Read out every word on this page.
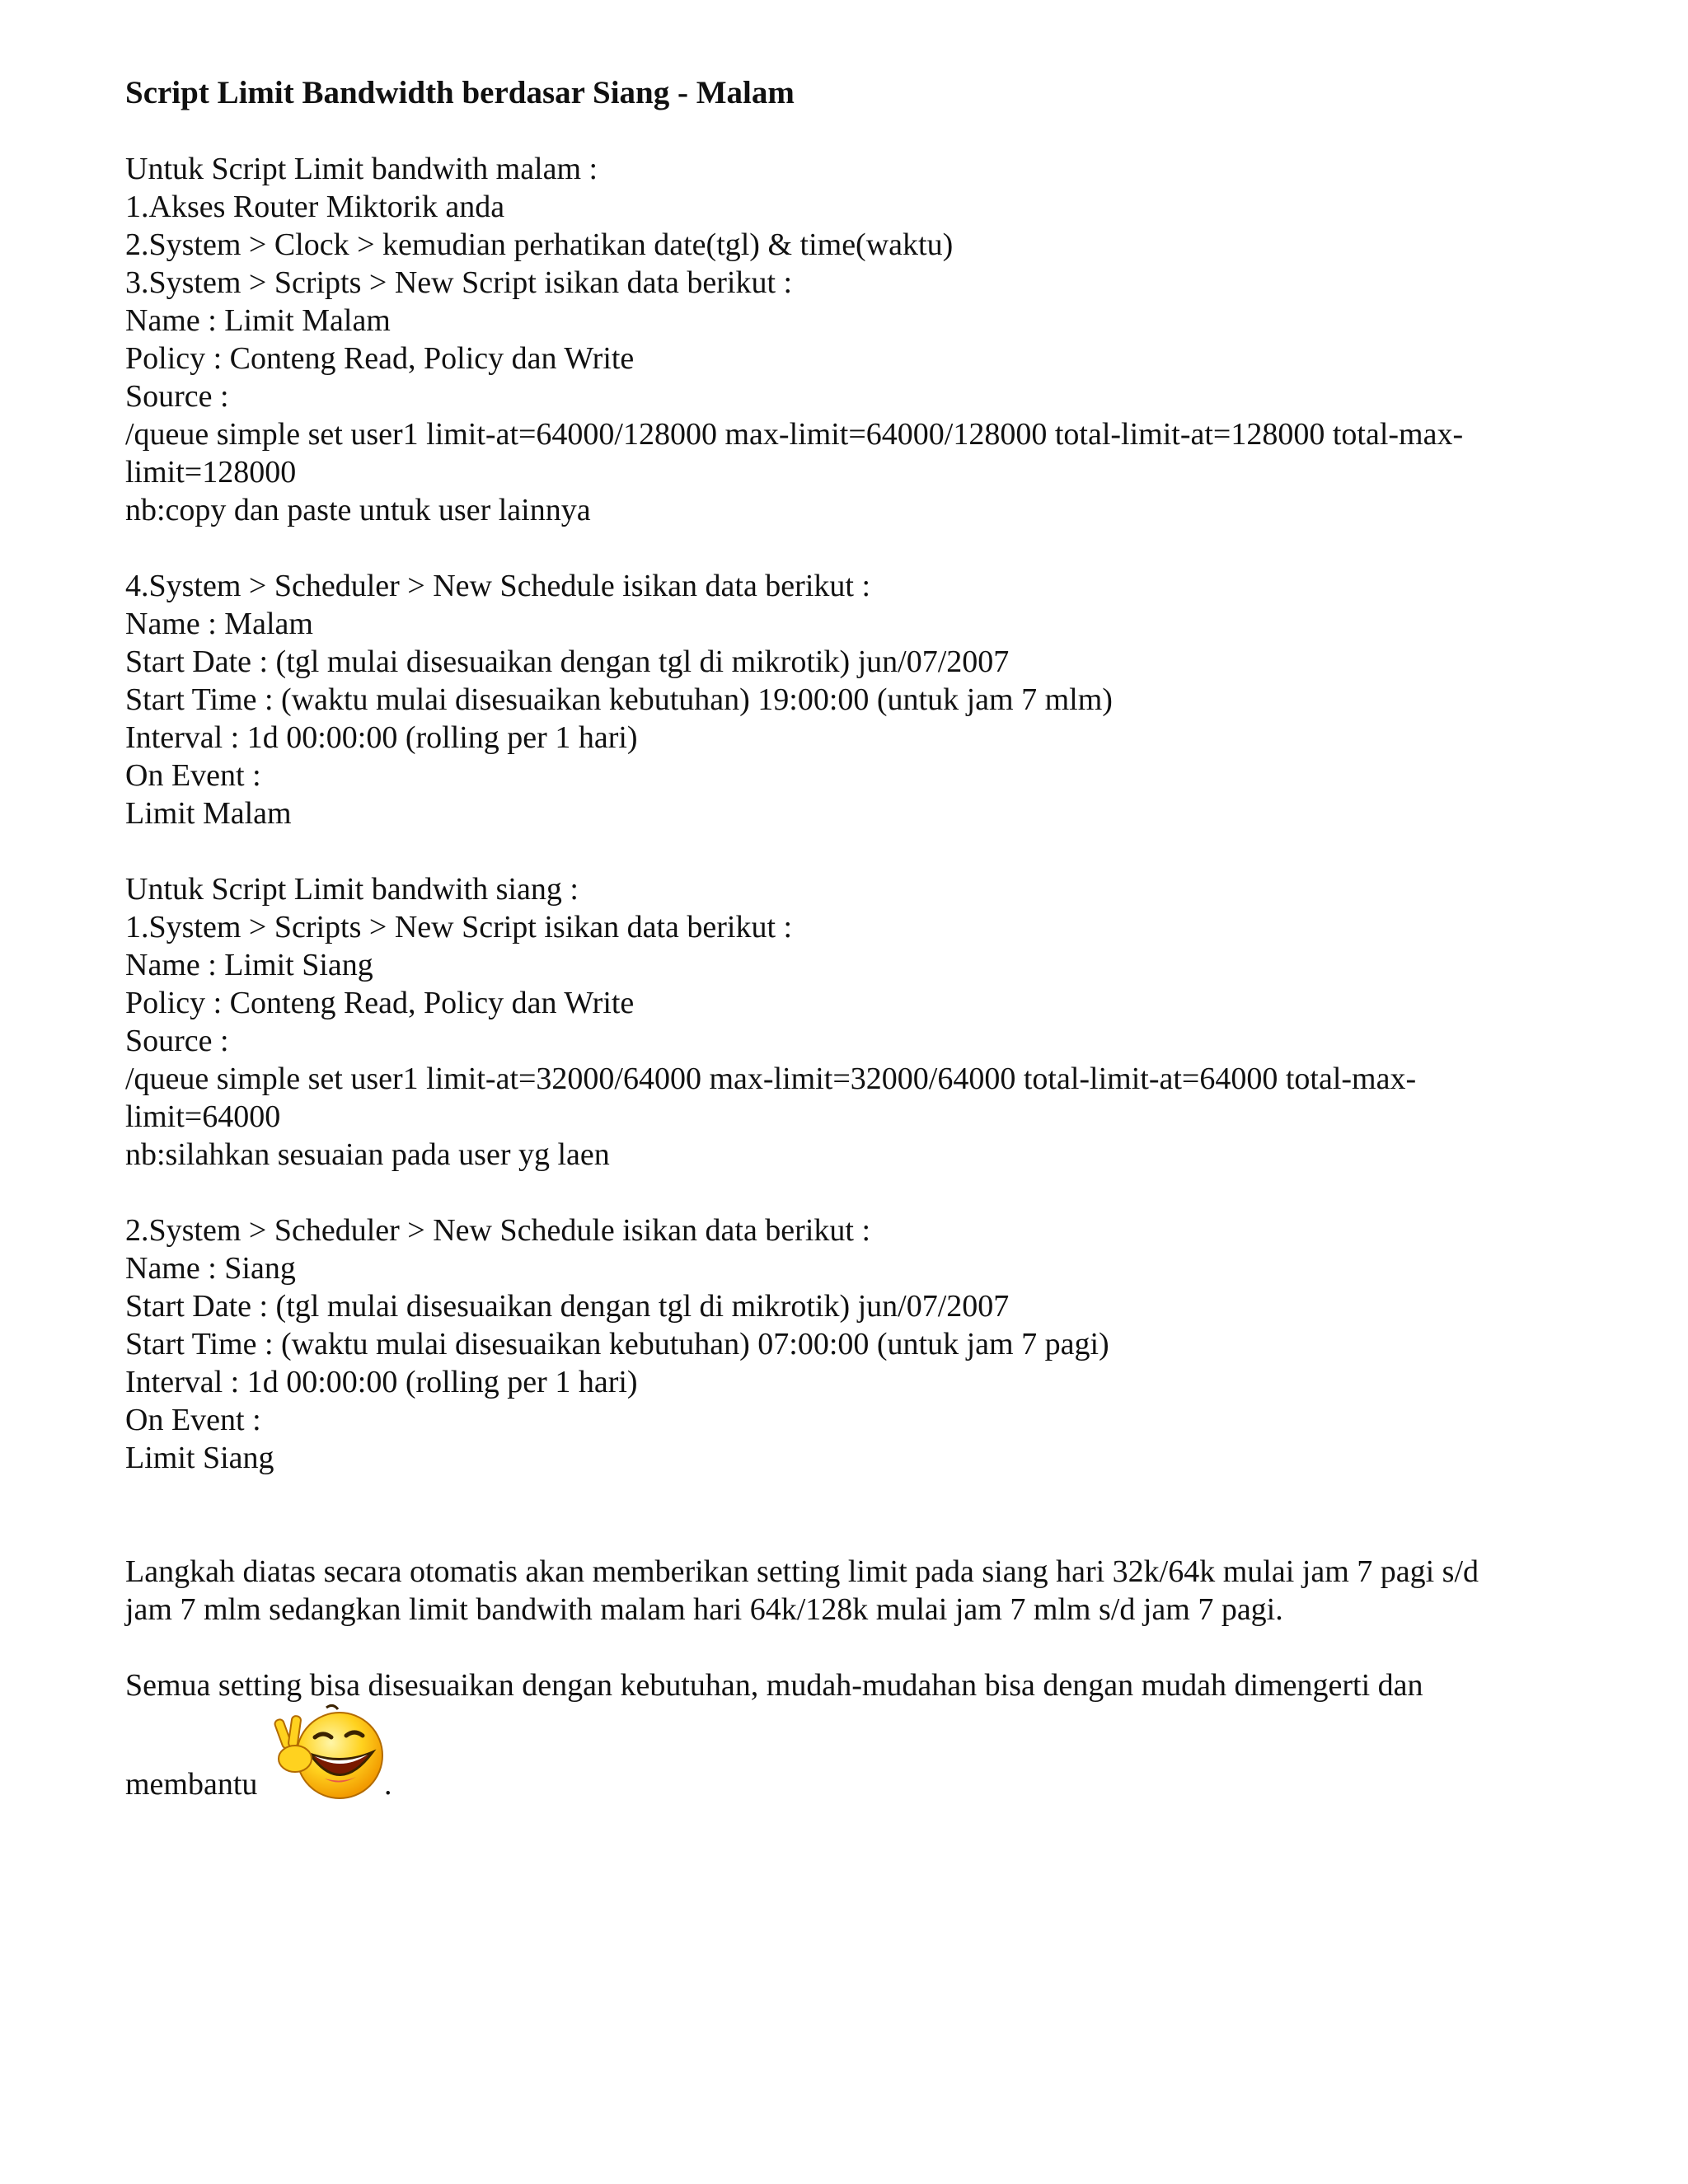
Script Limit Bandwidth berdasar Siang - Malam
Untuk Script Limit bandwith malam :
1.Akses Router Miktorik anda
2.System > Clock > kemudian perhatikan date(tgl) & time(waktu)
3.System > Scripts > New Script isikan data berikut :
Name : Limit Malam
Policy : Conteng Read, Policy dan Write
Source :
/queue simple set user1 limit-at=64000/128000 max-limit=64000/128000 total-limit-at=128000 total-max-
limit=128000
nb:copy dan paste untuk user lainnya
4.System > Scheduler > New Schedule isikan data berikut :
Name : Malam
Start Date : (tgl mulai disesuaikan dengan tgl di mikrotik) jun/07/2007
Start Time : (waktu mulai disesuaikan kebutuhan) 19:00:00 (untuk jam 7 mlm)
Interval : 1d 00:00:00 (rolling per 1 hari)
On Event :
Limit Malam
Untuk Script Limit bandwith siang :
1.System > Scripts > New Script isikan data berikut :
Name : Limit Siang
Policy : Conteng Read, Policy dan Write
Source :
/queue simple set user1 limit-at=32000/64000 max-limit=32000/64000 total-limit-at=64000 total-max-
limit=64000
nb:silahkan sesuaian pada user yg laen
2.System > Scheduler > New Schedule isikan data berikut :
Name : Siang
Start Date : (tgl mulai disesuaikan dengan tgl di mikrotik) jun/07/2007
Start Time : (waktu mulai disesuaikan kebutuhan) 07:00:00 (untuk jam 7 pagi)
Interval : 1d 00:00:00 (rolling per 1 hari)
On Event :
Limit Siang
Langkah diatas secara otomatis akan memberikan setting limit pada siang hari 32k/64k mulai jam 7 pagi s/d
jam 7 mlm sedangkan limit bandwith malam hari 64k/128k mulai jam 7 mlm s/d jam 7 pagi.
Semua setting bisa disesuaikan dengan kebutuhan, mudah-mudahan bisa dengan mudah dimengerti dan
membantu	.
